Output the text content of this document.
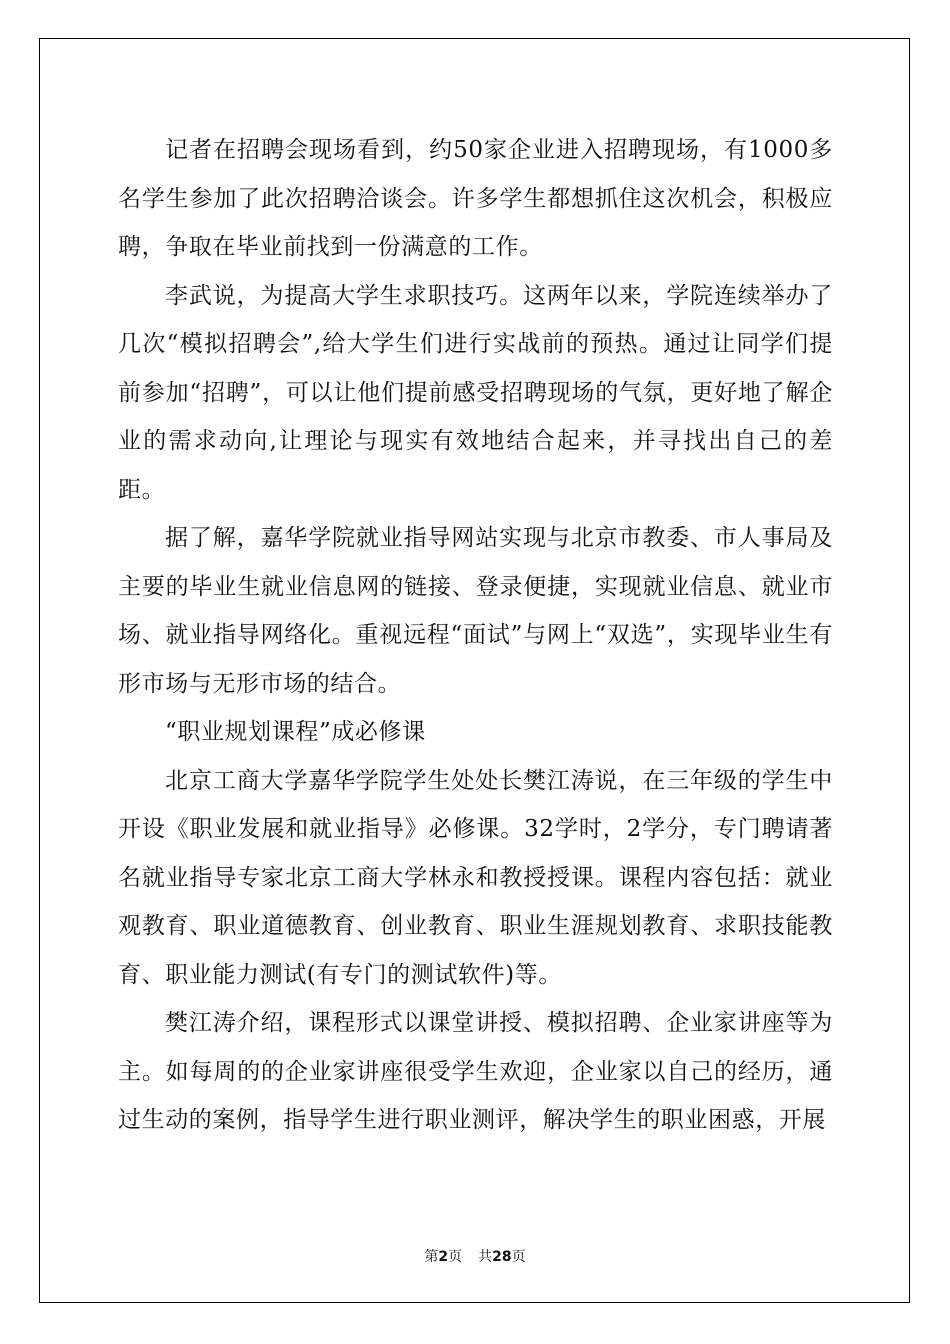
记者在招聘会现场看到，约50家企业进入招聘现场，有1000多名学生参加了此次招聘洽谈会。许多学生都想抓住这次机会，积极应聘，争取在毕业前找到一份满意的工作。

李武说，为提高大学生求职技巧。这两年以来，学院连续举办了几次“模拟招聘会”,给大学生们进行实战前的预热。通过让同学们提前参加“招聘”，可以让他们提前感受招聘现场的气氛，更好地了解企业的需求动向,让理论与现实有效地结合起来，并寻找出自己的差距。

据了解，嘉华学院就业指导网站实现与北京市教委、市人事局及主要的毕业生就业信息网的链接、登录便捷，实现就业信息、就业市场、就业指导网络化。重视远程“面试”与网上“双选”，实现毕业生有形市场与无形市场的结合。

“职业规划课程”成必修课

北京工商大学嘉华学院学生处处长樊江涛说，在三年级的学生中开设《职业发展和就业指导》必修课。32学时，2学分，专门聘请著名就业指导专家北京工商大学林永和教授授课。课程内容包括：就业观教育、职业道德教育、创业教育、职业生涯规划教育、求职技能教育、职业能力测试(有专门的测试软件)等。

樊江涛介绍，课程形式以课堂讲授、模拟招聘、企业家讲座等为主。如每周的的企业家讲座很受学生欢迎，企业家以自己的经历，通过生动的案例，指导学生进行职业测评，解决学生的职业困惑，开展

第2页 共28页
